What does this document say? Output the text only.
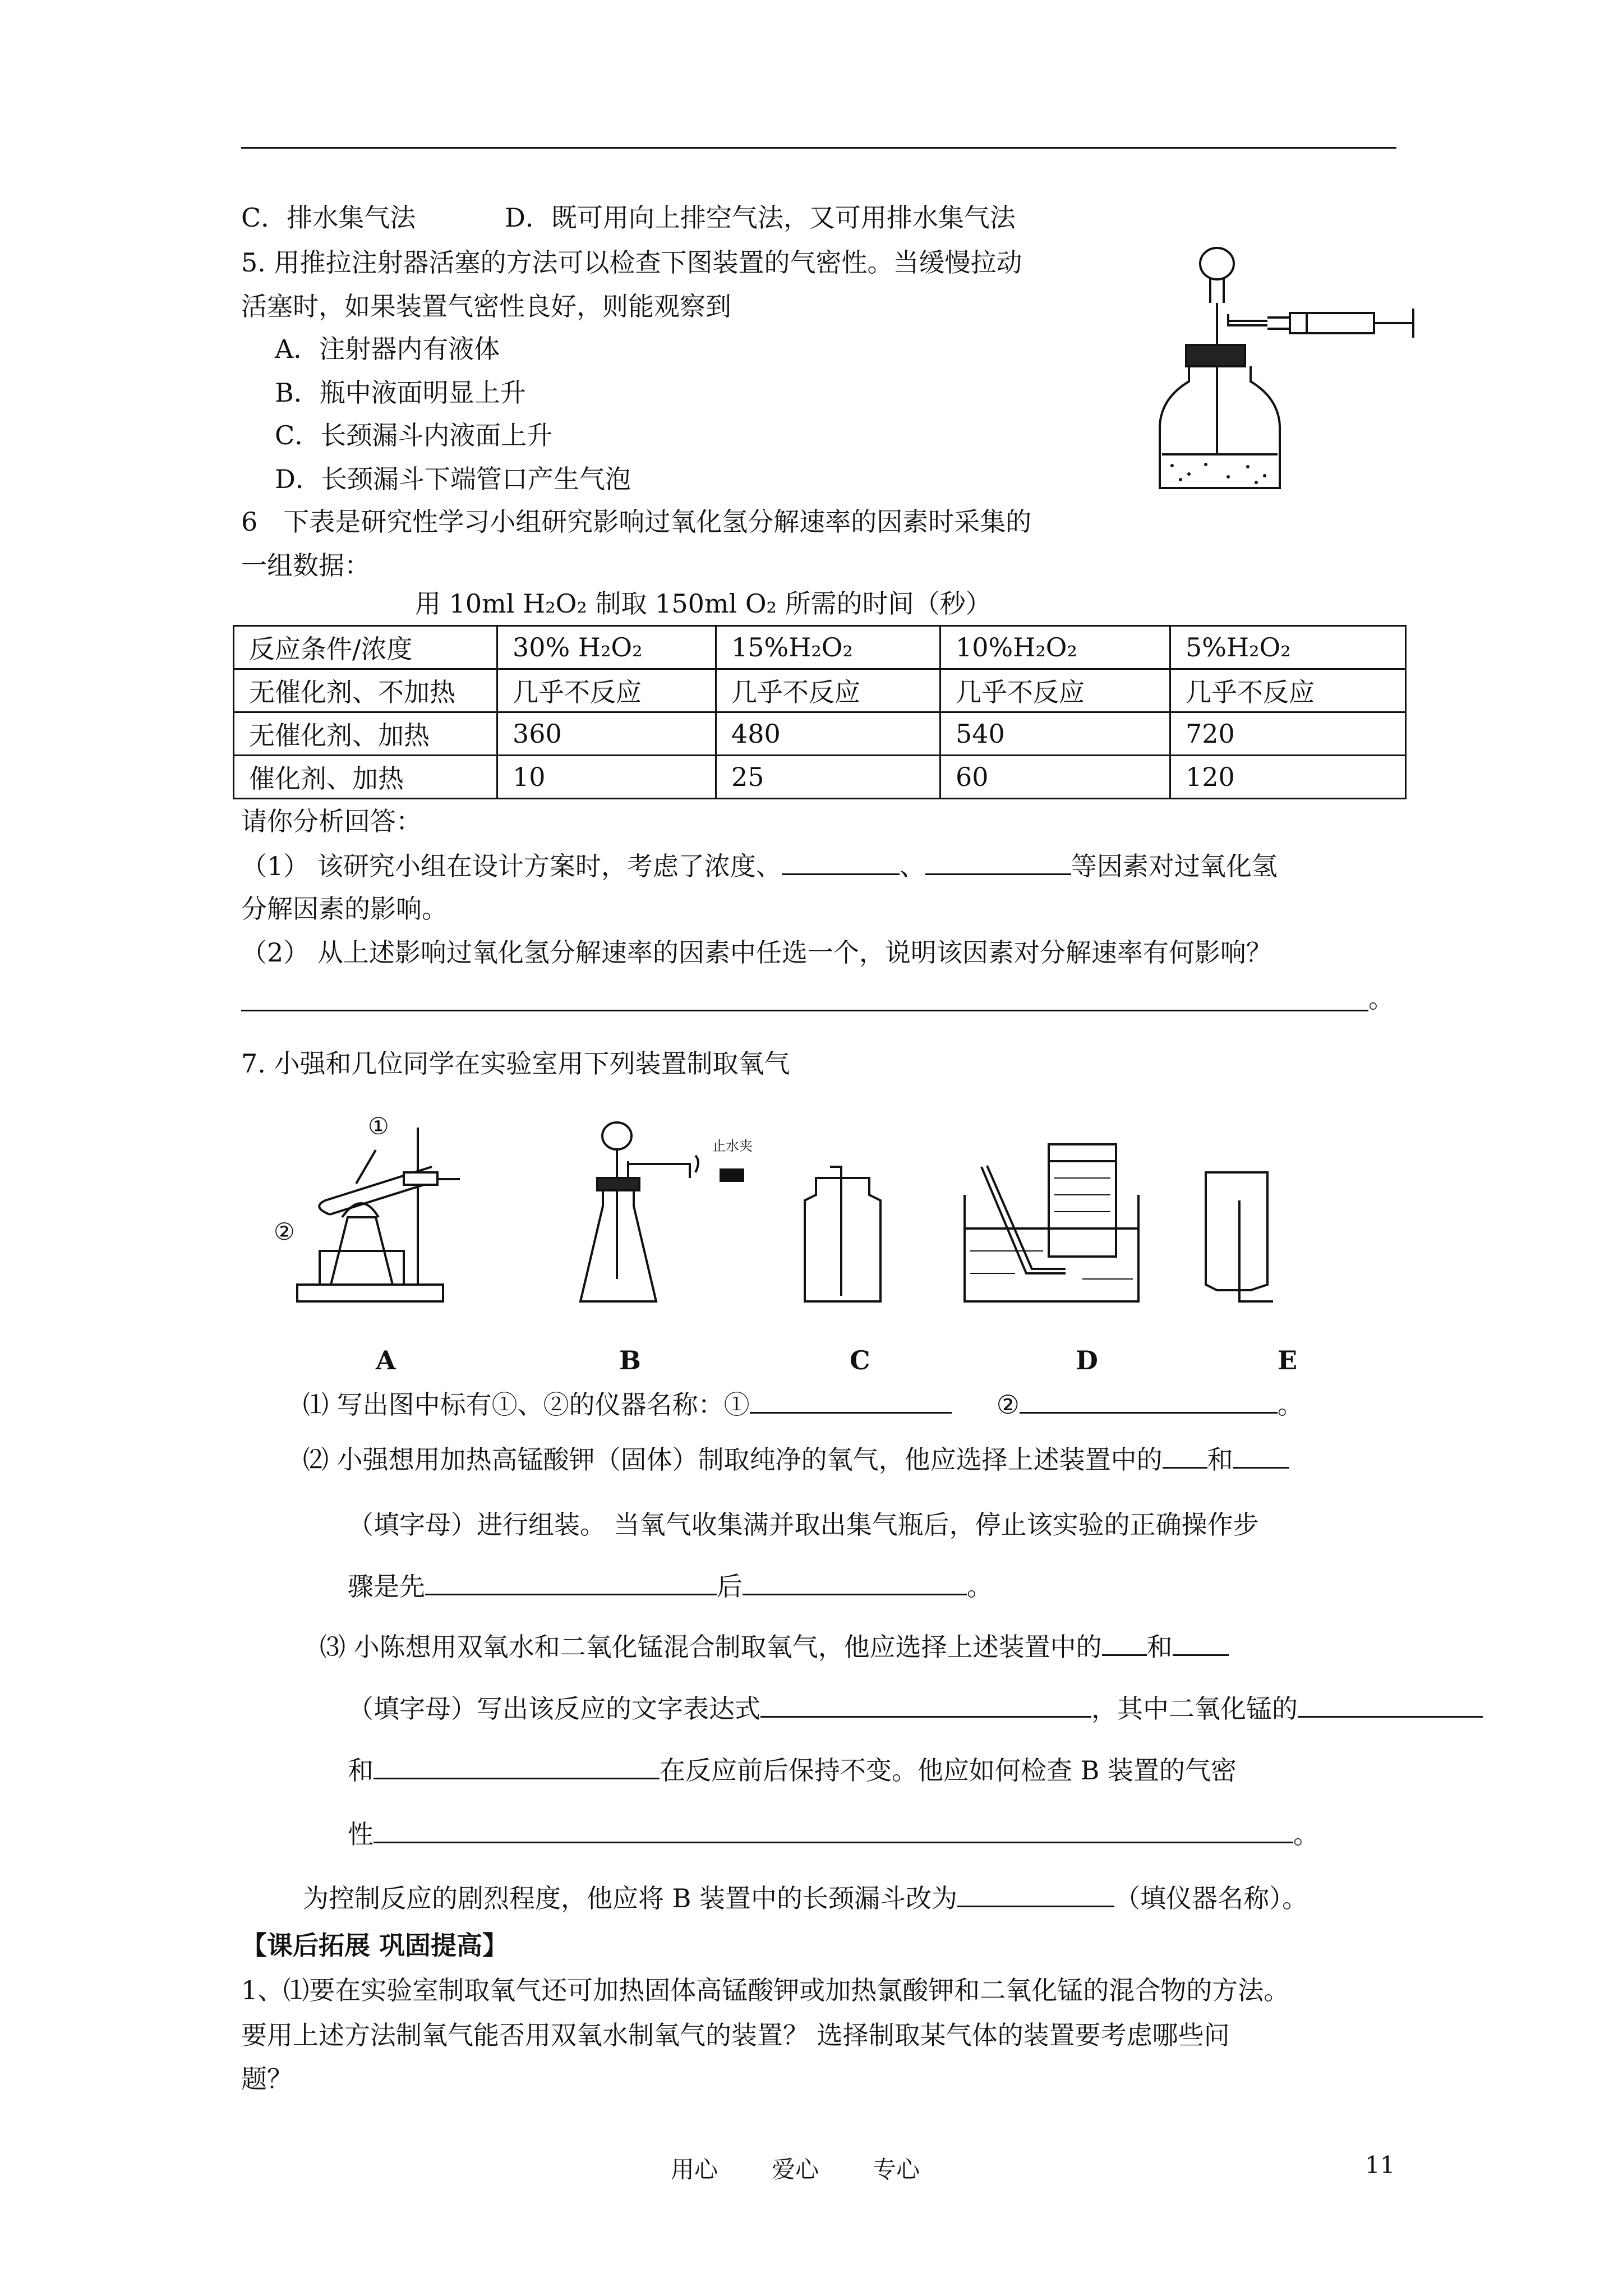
C．排水集气法	D．既可用向上排空气法，又可用排水集气法
5. 用推拉注射器活塞的方法可以检查下图装置的气密性。当缓慢拉动
活塞时，如果装置气密性良好，则能观察到
A．注射器内有液体
B．瓶中液面明显上升
C．长颈漏斗内液面上升
D．长颈漏斗下端管口产生气泡
6　下表是研究性学习小组研究影响过氧化氢分解速率的因素时采集的
一组数据：
用 10ml H₂O₂ 制取 150ml O₂ 所需的时间（秒）
反应条件/浓度	30% H₂O₂	15%H₂O₂	10%H₂O₂	5%H₂O₂
无催化剂、不加热	几乎不反应	几乎不反应	几乎不反应	几乎不反应
无催化剂、加热	360	480	540	720
催化剂、加热	10	25	60	120
请你分析回答：
（1） 该研究小组在设计方案时，考虑了浓度、	、	等因素对过氧化氢
分解因素的影响。
（2） 从上述影响过氧化氢分解速率的因素中任选一个，说明该因素对分解速率有何影响？
。
7. 小强和几位同学在实验室用下列装置制取氧气
①
②
止水夹
A	B	C	D	E
⑴ 写出图中标有①、②的仪器名称：①	②	。
⑵ 小强想用加热高锰酸钾（固体）制取纯净的氧气，他应选择上述装置中的 和
（填字母）进行组装。 当氧气收集满并取出集气瓶后，停止该实验的正确操作步
骤是先	后	。
⑶ 小陈想用双氧水和二氧化锰混合制取氧气，他应选择上述装置中的 和
（填字母）写出该反应的文字表达式	，其中二氧化锰的
和	在反应前后保持不变。他应如何检查 B 装置的气密
性	。
为控制反应的剧烈程度，他应将 B 装置中的长颈漏斗改为	（填仪器名称）。
【课后拓展 巩固提高】
1、⑴要在实验室制取氧气还可加热固体高锰酸钾或加热氯酸钾和二氧化锰的混合物的方法。
要用上述方法制氧气能否用双氧水制氧气的装置？ 选择制取某气体的装置要考虑哪些问
题？
用心 爱心 专心	11
